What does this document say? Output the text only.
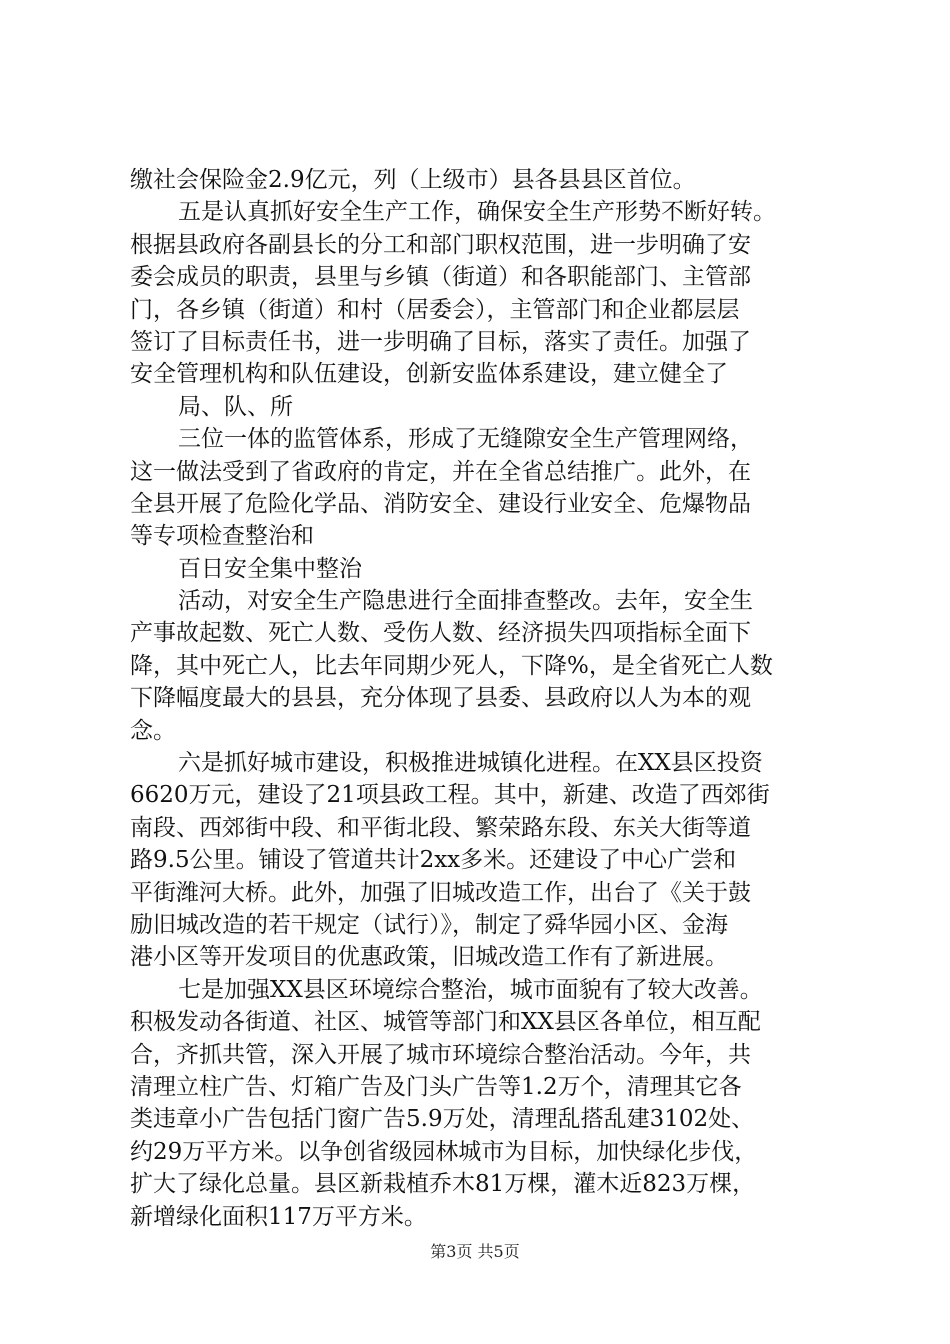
缴社会保险金2.9亿元，列（上级市）县各县县区首位。
五是认真抓好安全生产工作，确保安全生产形势不断好转。
根据县政府各副县长的分工和部门职权范围，进一步明确了安
委会成员的职责，县里与乡镇（街道）和各职能部门、主管部
门，各乡镇（街道）和村（居委会），主管部门和企业都层层
签订了目标责任书，进一步明确了目标，落实了责任。加强了
安全管理机构和队伍建设，创新安监体系建设，建立健全了
局、队、所
三位一体的监管体系，形成了无缝隙安全生产管理网络，
这一做法受到了省政府的肯定，并在全省总结推广。此外，在
全县开展了危险化学品、消防安全、建设行业安全、危爆物品
等专项检查整治和
百日安全集中整治
活动，对安全生产隐患进行全面排查整改。去年，安全生
产事故起数、死亡人数、受伤人数、经济损失四项指标全面下
降，其中死亡人，比去年同期少死人，下降%，是全省死亡人数
下降幅度最大的县县，充分体现了县委、县政府以人为本的观
念。
六是抓好城市建设，积极推进城镇化进程。在XX县区投资
6620万元，建设了21项县政工程。其中，新建、改造了西郊街
南段、西郊街中段、和平街北段、繁荣路东段、东关大街等道
路9.5公里。铺设了管道共计2xx多米。还建设了中心广尝和
平街潍河大桥。此外，加强了旧城改造工作，出台了《关于鼓
励旧城改造的若干规定（试行）》，制定了舜华园小区、金海
港小区等开发项目的优惠政策，旧城改造工作有了新进展。
七是加强XX县区环境综合整治，城市面貌有了较大改善。
积极发动各街道、社区、城管等部门和XX县区各单位，相互配
合，齐抓共管，深入开展了城市环境综合整治活动。今年，共
清理立柱广告、灯箱广告及门头广告等1.2万个，清理其它各
类违章小广告包括门窗广告5.9万处，清理乱搭乱建3102处、
约29万平方米。以争创省级园林城市为目标，加快绿化步伐，
扩大了绿化总量。县区新栽植乔木81万棵，灌木近823万棵，
新增绿化面积117万平方米。
第3页 共5页
